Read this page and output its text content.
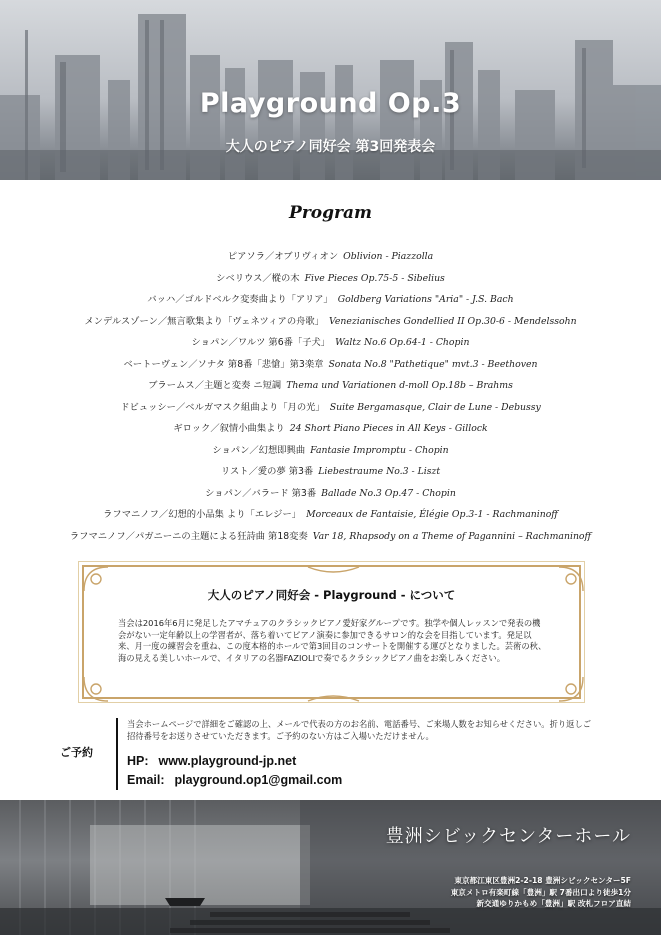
Playground Op.3
大人のピアノ同好会 第3回発表会
Program
ピアソラ／オブリヴィオン Oblivion - Piazzolla
シベリウス／樅の木 Five Pieces Op.75-5 - Sibelius
バッハ／ゴルドベルク変奏曲より「アリア」 Goldberg Variations "Aria" - J.S. Bach
メンデルスゾーン／無言歌集より「ヴェネツィアの舟歌」 Venezianisches Gondellied II Op.30-6 - Mendelssohn
ショパン／ワルツ 第6番「子犬」 Waltz No.6 Op.64-1 - Chopin
ベートーヴェン／ソナタ 第8番「悲愴」第3楽章 Sonata No.8 "Pathetique" mvt.3 - Beethoven
ブラームス／主題と変奏 ニ短調 Thema und Variationen d-moll Op.18b – Brahms
ドビュッシー／ベルガマスク組曲より「月の光」 Suite Bergamasque, Clair de Lune - Debussy
ギロック／叙情小曲集より 24 Short Piano Pieces in All Keys - Gillock
ショパン／幻想即興曲 Fantasie Impromptu - Chopin
リスト／愛の夢 第3番 Liebestraume No.3 - Liszt
ショパン／バラード 第3番 Ballade No.3 Op.47 - Chopin
ラフマニノフ／幻想的小品集 より「エレジー」 Morceaux de Fantaisie, Élégie Op.3-1 - Rachmaninoff
ラフマニノフ／パガニーニの主題による狂詩曲 第18変奏 Var 18, Rhapsody on a Theme of Pagannini – Rachmaninoff
大人のピアノ同好会 - Playground - について
当会は2016年6月に発足したアマチュアのクラシックピアノ愛好家グループです。独学や個人レッスンで発表の機会がない一定年齢以上の学習者が、落ち着いてピアノ演奏に参加できるサロン的な会を目指しています。発足以来、月一度の練習会を重ね、この度本格的ホールで第3回目のコンサートを開催する運びとなりました。芸術の秋、海の見える美しいホールで、イタリアの名器FAZIOLIで奏でるクラシックピアノ曲をお楽しみください。
ご予約
当会ホームページで詳細をご確認の上、メールで代表の方のお名前、電話番号、ご来場人数をお知らせください。折り返しご招待番号をお送りさせていただきます。ご予約のない方はご入場いただけません。
HP: www.playground-jp.net
Email: playground.op1@gmail.com
豊洲シビックセンターホール
東京都江東区豊洲2-2-18 豊洲シビックセンター5F
東京メトロ有楽町線「豊洲」駅 7番出口より徒歩1分
新交通ゆりかもめ「豊洲」駅 改札フロア直結
